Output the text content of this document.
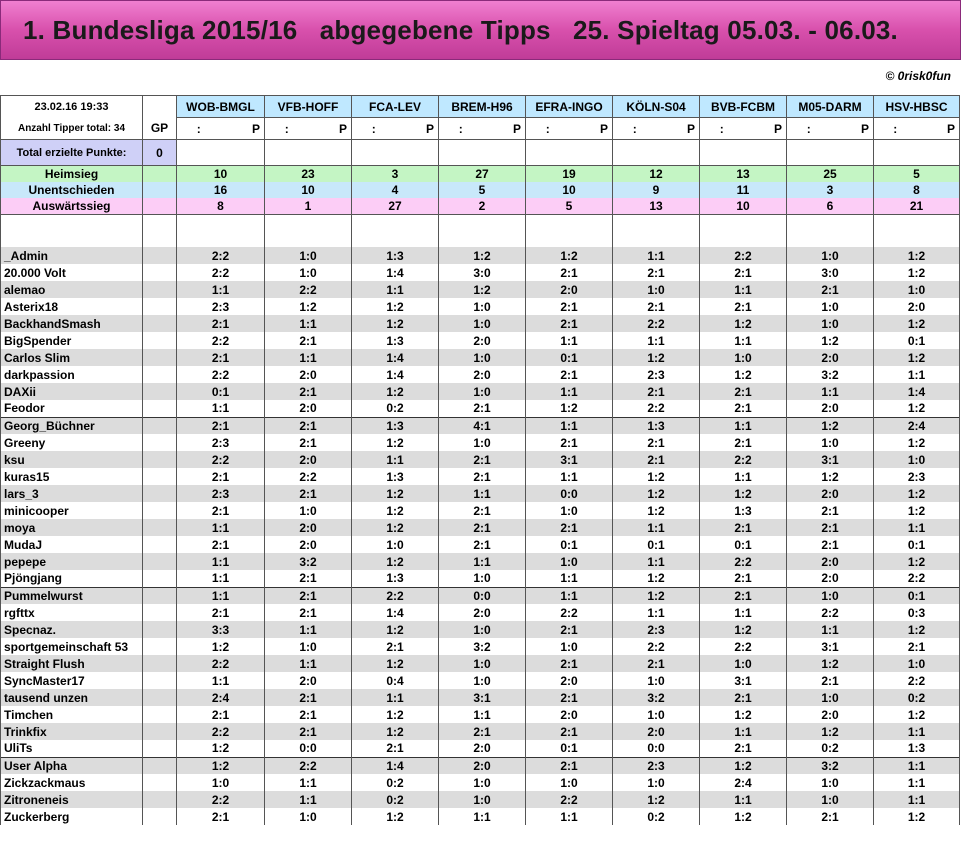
1. Bundesliga 2015/16   abgegebene Tipps   25. Spieltag 05.03. - 06.03.
© 0risk0fun
23.02.16 19:33		WOB-BMGL		VFB-HOFF		FCA-LEV		BREM-H96		EFRA-INGO		KÖLN-S04		BVB-FCBM		M05-DARM		HSV-HBSC	
Anzahl Tipper total: 34	GP	:	P	:	P	:	P	:	P	:	P	:	P	:	P	:	P	:	P
Total erzielte Punkte:	0																		
Heimsieg		10		23		3		27		19		12		13		25		5	
Unentschieden		16		10		4		5		10		9		11		3		8	
Auswärtssieg		8		1		27		2		5		13		10		6		21	

_Admin		2:2		1:0		1:3		1:2		1:2		1:1		2:2		1:0		1:2	
20.000 Volt		2:2		1:0		1:4		3:0		2:1		2:1		2:1		3:0		1:2	
alemao		1:1		2:2		1:1		1:2		2:0		1:0		1:1		2:1		1:0	
Asterix18		2:3		1:2		1:2		1:0		2:1		2:1		2:1		1:0		2:0	
BackhandSmash		2:1		1:1		1:2		1:0		2:1		2:2		1:2		1:0		1:2	
BigSpender		2:2		2:1		1:3		2:0		1:1		1:1		1:1		1:2		0:1	
Carlos Slim		2:1		1:1		1:4		1:0		0:1		1:2		1:0		2:0		1:2	
darkpassion		2:2		2:0		1:4		2:0		2:1		2:3		1:2		3:2		1:1	
DAXii		0:1		2:1		1:2		1:0		1:1		2:1		2:1		1:1		1:4	
Feodor		1:1		2:0		0:2		2:1		1:2		2:2		2:1		2:0		1:2	
Georg_Büchner		2:1		2:1		1:3		4:1		1:1		1:3		1:1		1:2		2:4	
Greeny		2:3		2:1		1:2		1:0		2:1		2:1		2:1		1:0		1:2	
ksu		2:2		2:0		1:1		2:1		3:1		2:1		2:2		3:1		1:0	
kuras15		2:1		2:2		1:3		2:1		1:1		1:2		1:1		1:2		2:3	
lars_3		2:3		2:1		1:2		1:1		0:0		1:2		1:2		2:0		1:2	
minicooper		2:1		1:0		1:2		2:1		1:0		1:2		1:3		2:1		1:2	
moya		1:1		2:0		1:2		2:1		2:1		1:1		2:1		2:1		1:1	
MudaJ		2:1		2:0		1:0		2:1		0:1		0:1		0:1		2:1		0:1	
pepepe		1:1		3:2		1:2		1:1		1:0		1:1		2:2		2:0		1:2	
Pjöngjang		1:1		2:1		1:3		1:0		1:1		1:2		2:1		2:0		2:2	
Pummelwurst		1:1		2:1		2:2		0:0		1:1		1:2		2:1		1:0		0:1	
rgfttx		2:1		2:1		1:4		2:0		2:2		1:1		1:1		2:2		0:3	
Specnaz.		3:3		1:1		1:2		1:0		2:1		2:3		1:2		1:1		1:2	
sportgemeinschaft 53		1:2		1:0		2:1		3:2		1:0		2:2		2:2		3:1		2:1	
Straight Flush		2:2		1:1		1:2		1:0		2:1		2:1		1:0		1:2		1:0	
SyncMaster17		1:1		2:0		0:4		1:0		2:0		1:0		3:1		2:1		2:2	
tausend unzen		2:4		2:1		1:1		3:1		2:1		3:2		2:1		1:0		0:2	
Timchen		2:1		2:1		1:2		1:1		2:0		1:0		1:2		2:0		1:2	
Trinkfix		2:2		2:1		1:2		2:1		2:1		2:0		1:1		1:2		1:1	
UliTs		1:2		0:0		2:1		2:0		0:1		0:0		2:1		0:2		1:3	
User Alpha		1:2		2:2		1:4		2:0		2:1		2:3		1:2		3:2		1:1	
Zickzackmaus		1:0		1:1		0:2		1:0		1:0		1:0		2:4		1:0		1:1	
Zitroneneis		2:2		1:1		0:2		1:0		2:2		1:2		1:1		1:0		1:1	
Zuckerberg		2:1		1:0		1:2		1:1		1:1		0:2		1:2		2:1		1:2	
